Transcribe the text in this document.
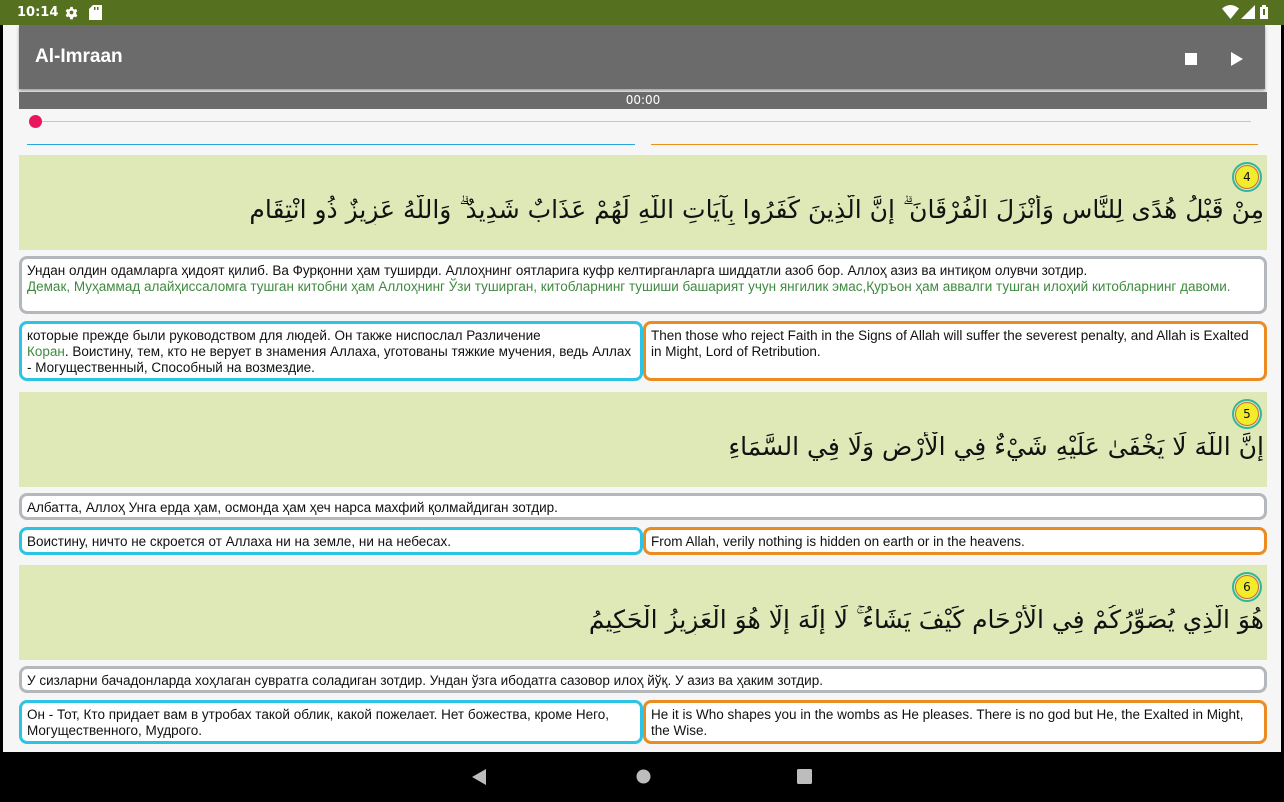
10:14
Al-Imraan
00:00
4
مِنْ قَبْلُ هُدًى لِلنَّاسِ وَأَنْزَلَ الْفُرْقَانَ ۗ إِنَّ الَّذِينَ كَفَرُوا بِآيَاتِ اللَّهِ لَهُمْ عَذَابٌ شَدِيدٌ ۗ وَاللَّهُ عَزِيزٌ ذُو انْتِقَامٍ
Ундан олдин одамларга ҳидоят қилиб. Ва Фурқонни ҳам туширди. Аллоҳнинг оятларига куфр келтирганларга шиддатли азоб бор. Аллоҳ азиз ва интиқом олувчи зотдир.
Демак, Муҳаммад алайҳиссаломга тушган китобни ҳам Аллоҳнинг Ўзи туширган, китобларнинг тушиши башарият учун янгилик эмас,Қуръон ҳам аввалги тушган илоҳий китобларнинг давоми.
которые прежде были руководством для людей. Он также ниспослал Различение
Коран. Воистину, тем, кто не верует в знамения Аллаха, уготованы тяжкие мучения, ведь Аллах - Могущественный, Способный на возмездие.
Then those who reject Faith in the Signs of Allah will suffer the severest penalty, and Allah is Exalted in Might, Lord of Retribution.
5
إِنَّ اللَّهَ لَا يَخْفَىٰ عَلَيْهِ شَيْءٌ فِي الْأَرْضِ وَلَا فِي السَّمَاءِ
Албатта, Аллоҳ Унга ерда ҳам, осмонда ҳам ҳеч нарса махфий қолмайдиган зотдир.
Воистину, ничто не скроется от Аллаха ни на земле, ни на небесах.	From Allah, verily nothing is hidden on earth or in the heavens.
6
هُوَ الَّذِي يُصَوِّرُكُمْ فِي الْأَرْحَامِ كَيْفَ يَشَاءُ ۚ لَا إِلَٰهَ إِلَّا هُوَ الْعَزِيزُ الْحَكِيمُ
У сизларни бачадонларда хоҳлаган сувратга соладиган зотдир. Ундан ўзга ибодатга сазовор илоҳ йўқ. У азиз ва ҳаким зотдир.
Он - Тот, Кто придает вам в утробах такой облик, какой пожелает. Нет божества, кроме Него, Могущественного, Мудрого.
He it is Who shapes you in the wombs as He pleases. There is no god but He, the Exalted in Might, the Wise.
